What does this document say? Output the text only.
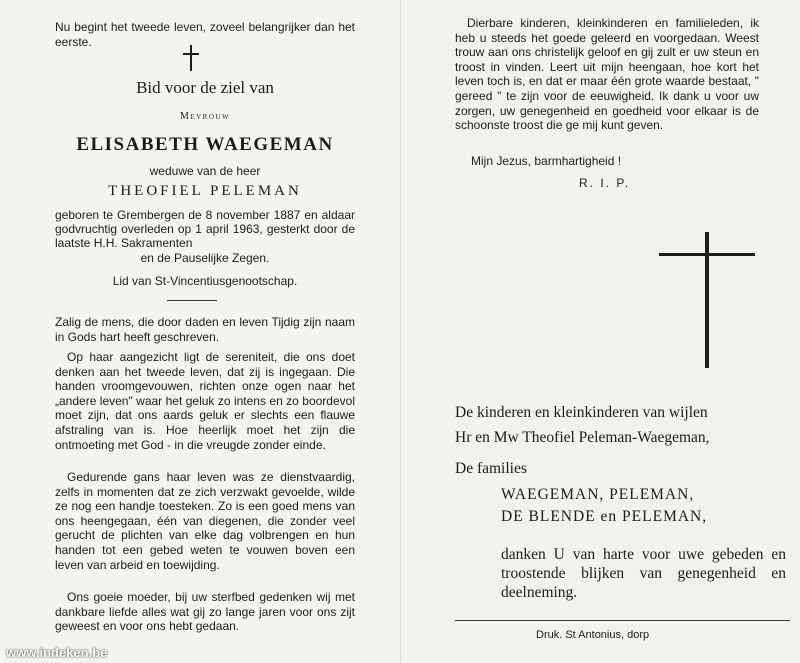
Nu begint het tweede leven, zoveel belangrijker dan het eerste.

Bid voor de ziel van

Mevrouw

ELISABETH WAEGEMAN

weduwe van de heer

THEOFIEL PELEMAN

geboren te Grembergen de 8 november 1887 en aldaar godvruchtig overleden op 1 april 1963, gesterkt door de laatste H.H. Sakramenten

en de Pauselijke Zegen.

Lid van St-Vincentiusgenootschap.

Zalig de mens, die door daden en leven Tijdig zijn naam in Gods hart heeft geschreven.

Op haar aangezicht ligt de sereniteit, die ons doet denken aan het tweede leven, dat zij is ingegaan. Die handen vroomgevouwen, richten onze ogen naar het „andere leven" waar het geluk zo intens en zo boordevol moet zijn, dat ons aards geluk er slechts een flauwe afstraling van is. Hoe heerlijk moet het zijn die ontmoeting met God - in die vreugde zonder einde.

Gedurende gans haar leven was ze dienstvaardig, zelfs in momenten dat ze zich verzwakt gevoelde, wilde ze nog een handje toesteken. Zo is een goed mens van ons heengegaan, één van diegenen, die zonder veel gerucht de plichten van elke dag volbrengen en hun handen tot een gebed weten te vouwen boven een leven van arbeid en toewijding.

Ons goeie moeder, bij uw sterfbed gedenken wij met dankbare liefde alles wat gij zo lange jaren voor ons zijt geweest en voor ons hebt gedaan.

Dierbare kinderen, kleinkinderen en familieleden, ik heb u steeds het goede geleerd en voorgedaan. Weest trouw aan ons christelijk geloof en gij zult er uw steun en troost in vinden. Leert uit mijn heengaan, hoe kort het leven toch is, en dat er maar één grote waarde bestaat, " gereed " te zijn voor de eeuwigheid. Ik dank u voor uw zorgen, uw genegenheid en goedheid voor elkaar is de schoonste troost die ge mij kunt geven.

Mijn Jezus, barmhartigheid !

R. I. P.

De kinderen en kleinkinderen van wijlen

Hr en Mw Theofiel Peleman-Waegeman,

De families

WAEGEMAN, PELEMAN,

DE BLENDE en PELEMAN,

danken U van harte voor uwe gebeden en troostende blijken van genegenheid en deelneming.

Druk. St Antonius, dorp

www.indeken.be
